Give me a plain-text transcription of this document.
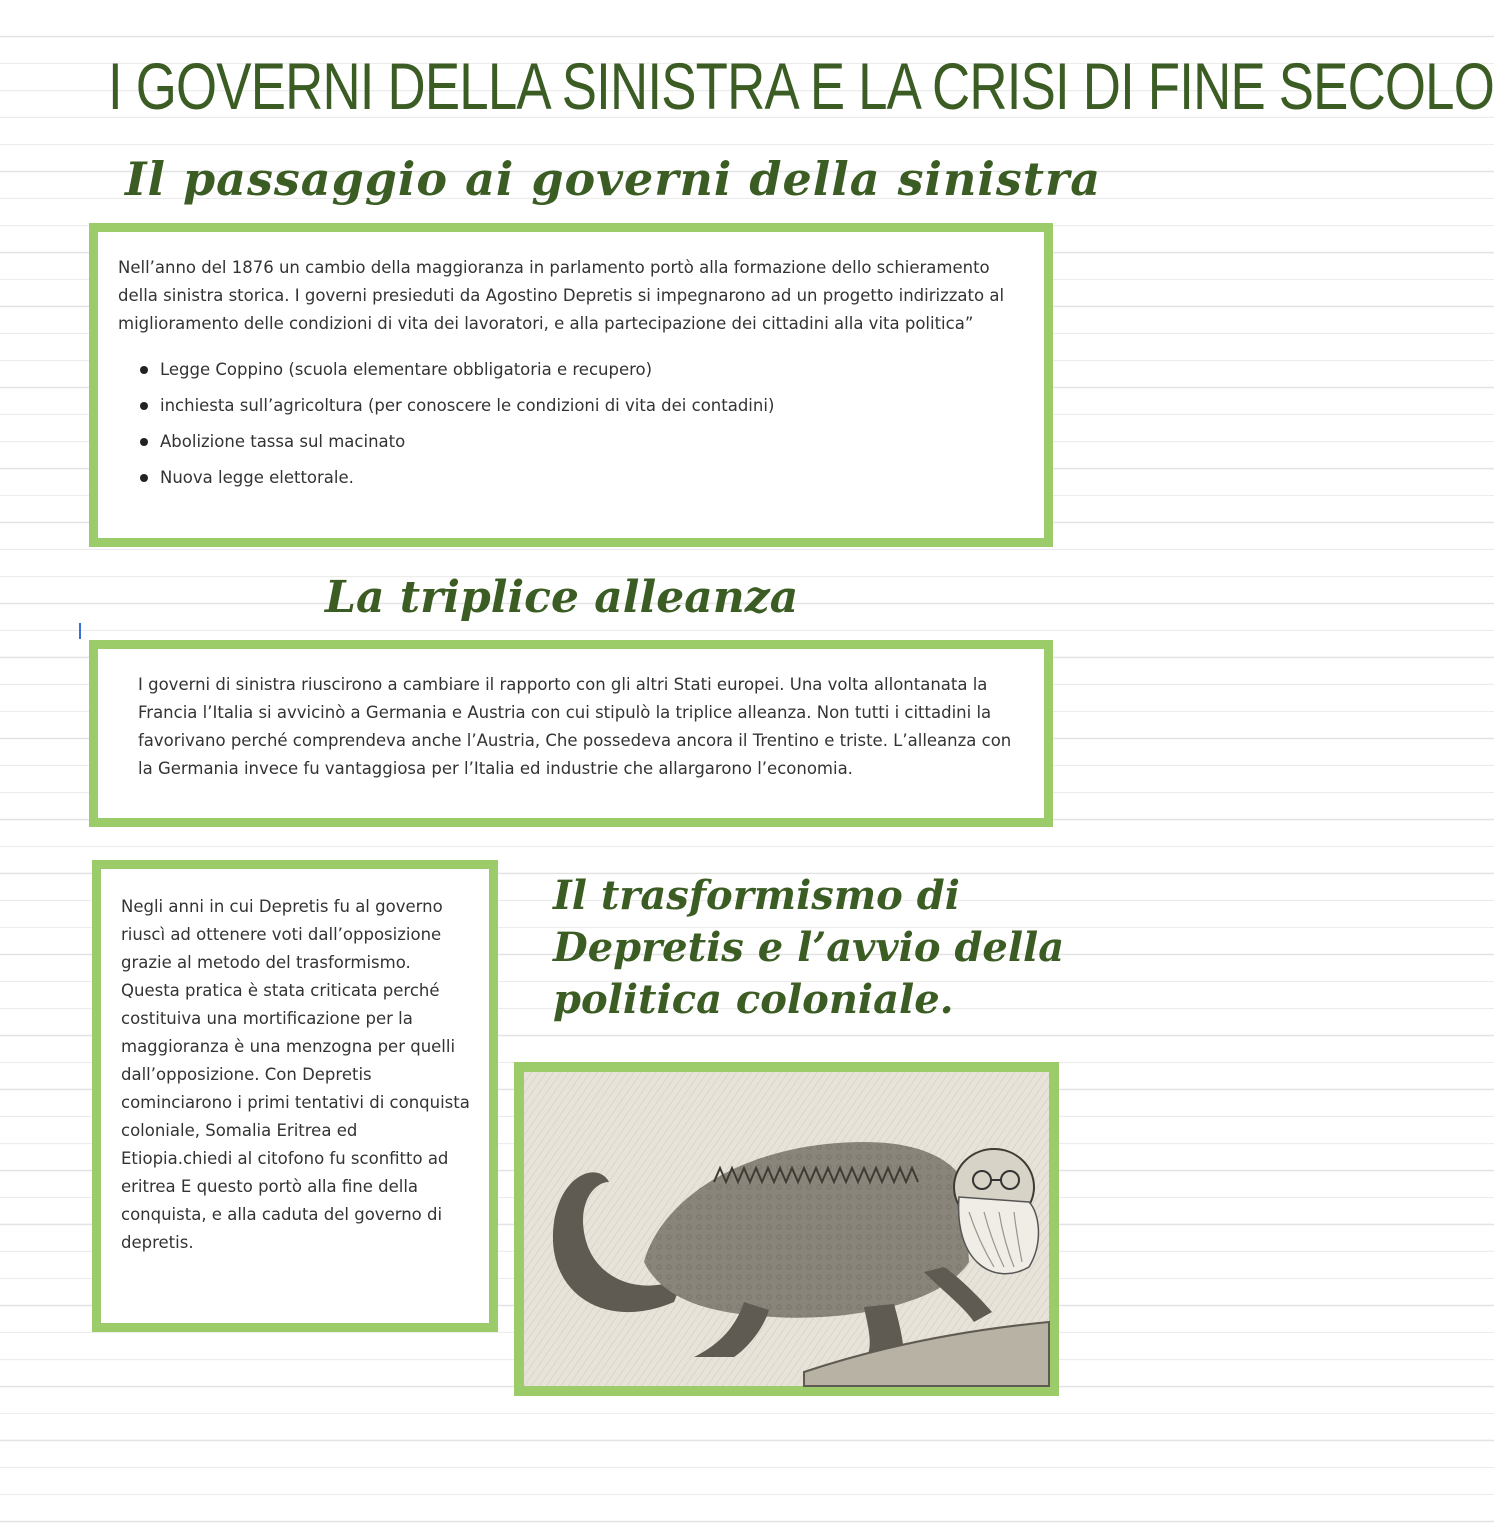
I GOVERNI DELLA SINISTRA E LA CRISI DI FINE SECOLO
Il passaggio ai governi della sinistra

Nell’anno del 1876 un cambio della maggioranza in parlamento portò alla formazione dello schieramento della sinistra storica. I governi presieduti da Agostino Depretis si impegnarono ad un progetto indirizzato al miglioramento delle condizioni di vita dei lavoratori, e alla partecipazione dei cittadini alla vita politica”

Legge Coppino (scuola elementare obbligatoria e recupero)
inchiesta sull’agricoltura (per conoscere le condizioni di vita dei contadini)
Abolizione tassa sul macinato
Nuova legge elettorale.
La triplice alleanza

I governi di sinistra riuscirono a cambiare il rapporto con gli altri Stati europei. Una volta allontanata la Francia l’Italia si avvicinò a Germania e Austria con cui stipulò la triplice alleanza. Non tutti i cittadini la favorivano perché comprendeva anche l’Austria, Che possedeva ancora il Trentino e triste. L’alleanza con la Germania invece fu vantaggiosa per l’Italia ed industrie che allargarono l’economia.

Negli anni in cui Depretis fu al governo riuscì ad ottenere voti dall’opposizione grazie al metodo del trasformismo. Questa pratica è stata criticata perché costituiva una mortificazione per la maggioranza è una menzogna per quelli dall’opposizione. Con Depretis cominciarono i primi tentativi di conquista coloniale, Somalia Eritrea ed Etiopia.chiedi al citofono fu sconfitto ad eritrea E questo portò alla fine della conquista, e alla caduta del governo di depretis.

Il trasformismo di Depretis e l’avvio della politica coloniale.
